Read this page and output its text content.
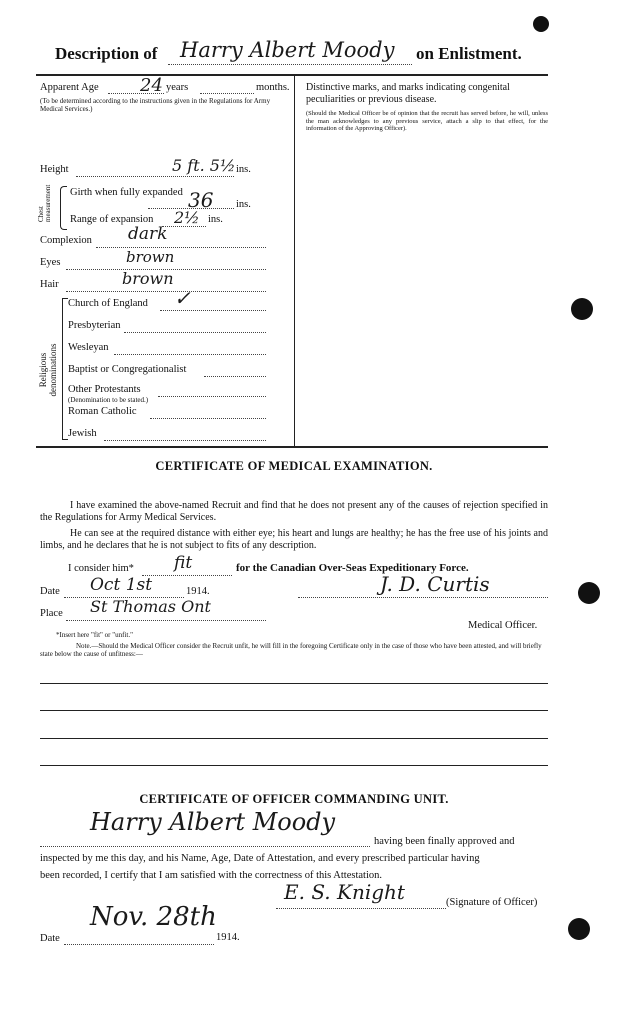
Description of Harry Albert Moody on Enlistment.
Apparent Age 24 years	months.
(To be determined according to the instructions given in the Regulations for Army Medical Services.)
Height	5 ft. 5½ ins.
Chest measurement Girth when fully expanded 36 ins.
Range of expansion 2½ ins.
Complexion dark
Eyes	brown
Hair	brown
Religious denominations
Church of England ✓
Presbyterian
Wesleyan
Baptist or Congregationalist
Other Protestants
(Denomination to be stated.)
Roman Catholic
Jewish
Distinctive marks, and marks indicating congenital peculiarities or previous disease.
(Should the Medical Officer be of opinion that the recruit has served before, he will, unless the man acknowledges to any previous service, attach a slip to that effect, for the information of the Approving Officer).
CERTIFICATE OF MEDICAL EXAMINATION.
I have examined the above-named Recruit and find that he does not present any of the causes of rejection specified in the Regulations for Army Medical Services.
He can see at the required distance with either eye; his heart and lungs are healthy; he has the free use of his joints and limbs, and he declares that he is not subject to fits of any description.
I consider him* fit	for the Canadian Over-Seas Expeditionary Force.
Date Oct 1st	1914.	J. D. Curtis
Place St Thomas Ont
Medical Officer.
*Insert here "fit" or "unfit."
Note.—Should the Medical Officer consider the Recruit unfit, he will fill in the foregoing Certificate only in the case of those who have been attested, and will briefly state below the cause of unfitness:—
CERTIFICATE OF OFFICER COMMANDING UNIT.
Harry Albert Moody
having been finally approved and
inspected by me this day, and his Name, Age, Date of Attestation, and every prescribed particular having
been recorded, I certify that I am satisfied with the correctness of this Attestation.
E. S. Knight	(Signature of Officer)
Nov. 28th
Date	1914.
